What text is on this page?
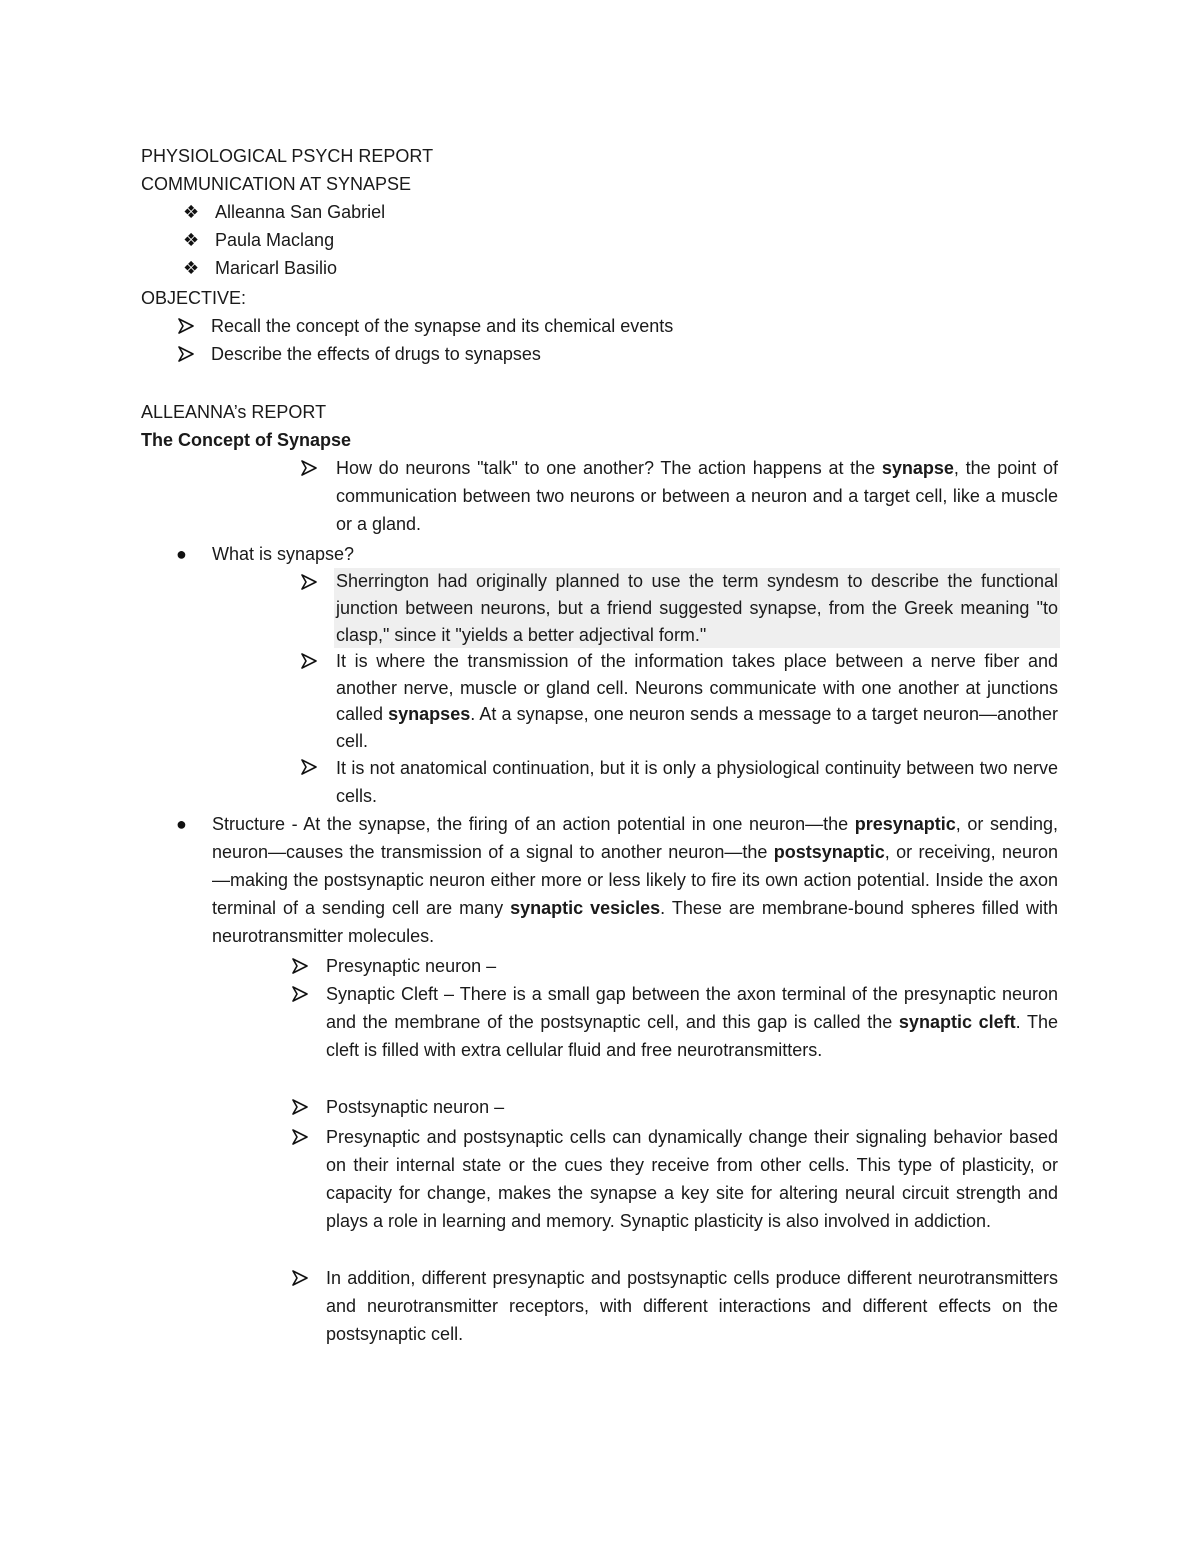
PHYSIOLOGICAL PSYCH REPORT
COMMUNICATION AT SYNAPSE
❖ Alleanna San Gabriel
❖ Paula Maclang
❖ Maricarl Basilio
OBJECTIVE:
Recall the concept of the synapse and its chemical events
Describe the effects of drugs to synapses
ALLEANNA’s REPORT
The Concept of Synapse

How do neurons "talk" to one another? The action happens at the synapse, the point of communication between two neurons or between a neuron and a target cell, like a muscle or a gland.

● What is synapse?

Sherrington had originally planned to use the term syndesm to describe the functional junction between neurons, but a friend suggested synapse, from the Greek meaning "to clasp," since it "yields a better adjectival form."

It is where the transmission of the information takes place between a nerve fiber and another nerve, muscle or gland cell. Neurons communicate with one another at junctions called synapses. At a synapse, one neuron sends a message to a target neuron—another cell.

It is not anatomical continuation, but it is only a physiological continuity between two nerve cells.

● Structure - At the synapse, the firing of an action potential in one neuron—the presynaptic, or sending, neuron—causes the transmission of a signal to another neuron—the postsynaptic, or receiving, neuron—making the postsynaptic neuron either more or less likely to fire its own action potential. Inside the axon terminal of a sending cell are many synaptic vesicles. These are membrane-bound spheres filled with neurotransmitter molecules.

Presynaptic neuron –

Synaptic Cleft – There is a small gap between the axon terminal of the presynaptic neuron and the membrane of the postsynaptic cell, and this gap is called the synaptic cleft. The cleft is filled with extra cellular fluid and free neurotransmitters.

Postsynaptic neuron –

Presynaptic and postsynaptic cells can dynamically change their signaling behavior based on their internal state or the cues they receive from other cells. This type of plasticity, or capacity for change, makes the synapse a key site for altering neural circuit strength and plays a role in learning and memory. Synaptic plasticity is also involved in addiction.

In addition, different presynaptic and postsynaptic cells produce different neurotransmitters and neurotransmitter receptors, with different interactions and different effects on the postsynaptic cell.
